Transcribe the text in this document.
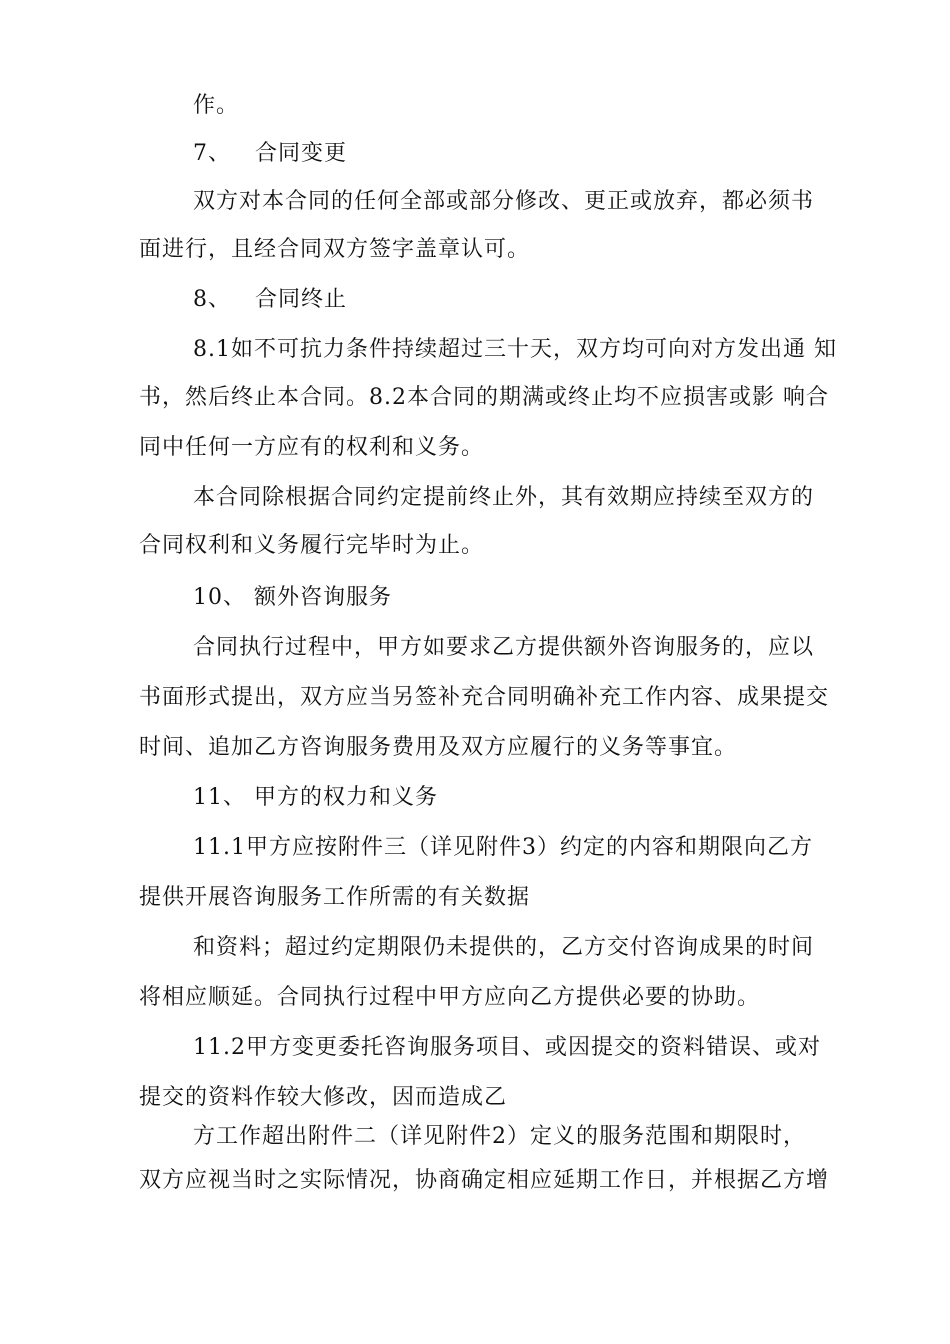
作。
7、   合同变更
双方对本合同的任何全部或部分修改、更正或放弃，都必须书
面进行，且经合同双方签字盖章认可。
8、   合同终止
8.1如不可抗力条件持续超过三十天，双方均可向对方发出通 知
书，然后终止本合同。8.2本合同的期满或终止均不应损害或影 响合
同中任何一方应有的权利和义务。
本合同除根据合同约定提前终止外，其有效期应持续至双方的
合同权利和义务履行完毕时为止。
10、 额外咨询服务
合同执行过程中，甲方如要求乙方提供额外咨询服务的，应以
书面形式提出，双方应当另签补充合同明确补充工作内容、成果提交
时间、追加乙方咨询服务费用及双方应履行的义务等事宜。
11、 甲方的权力和义务
11.1甲方应按附件三（详见附件3）约定的内容和期限向乙方
提供开展咨询服务工作所需的有关数据
和资料；超过约定期限仍未提供的，乙方交付咨询成果的时间
将相应顺延。合同执行过程中甲方应向乙方提供必要的协助。
11.2甲方变更委托咨询服务项目、或因提交的资料错误、或对
提交的资料作较大修改，因而造成乙
方工作超出附件二（详见附件2）定义的服务范围和期限时，
双方应视当时之实际情况，协商确定相应延期工作日，并根据乙方增
